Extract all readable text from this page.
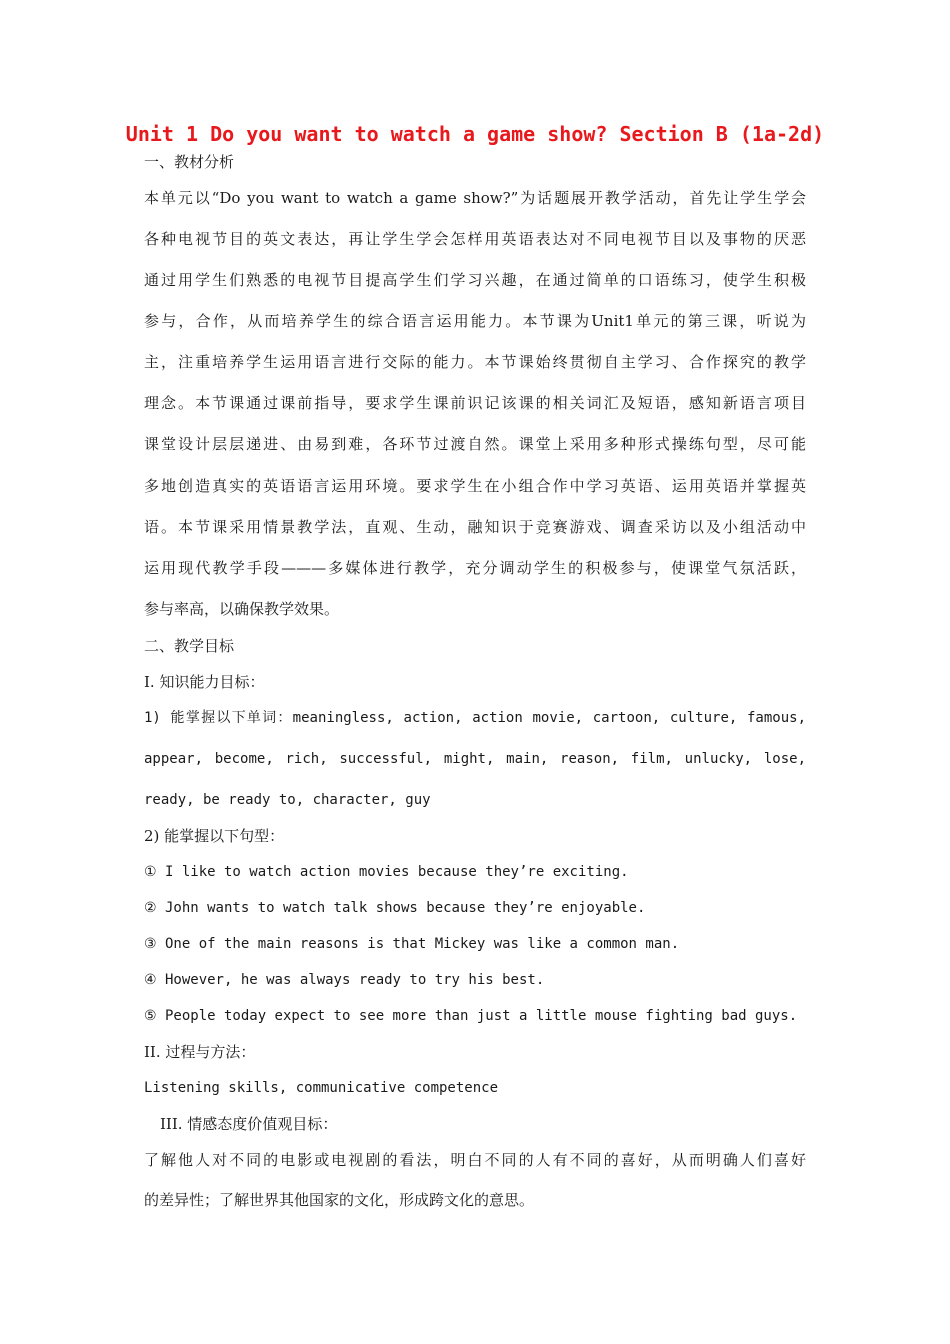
Unit 1 Do you want to watch a game show? Section B (1a-2d)
一、教材分析
本单元以“Do you want to watch a game show?”为话题展开教学活动，首先让学生学会
各种电视节目的英文表达，再让学生学会怎样用英语表达对不同电视节目以及事物的厌恶
通过用学生们熟悉的电视节目提高学生们学习兴趣，在通过简单的口语练习，使学生积极
参与，合作，从而培养学生的综合语言运用能力。本节课为Unit1单元的第三课，听说为
主，注重培养学生运用语言进行交际的能力。本节课始终贯彻自主学习、合作探究的教学
理念。本节课通过课前指导，要求学生课前识记该课的相关词汇及短语，感知新语言项目
课堂设计层层递进、由易到难，各环节过渡自然。课堂上采用多种形式操练句型，尽可能
多地创造真实的英语语言运用环境。要求学生在小组合作中学习英语、运用英语并掌握英
语。本节课采用情景教学法，直观、生动，融知识于竞赛游戏、调查采访以及小组活动中
运用现代教学手段———多媒体进行教学，充分调动学生的积极参与，使课堂气氛活跃，
参与率高，以确保教学效果。
二、教学目标
I. 知识能力目标：
1) 能掌握以下单词：meaningless, action, action movie, cartoon, culture, famous,
appear, become, rich, successful, might, main, reason, film, unlucky, lose,
ready, be ready to, character, guy
2) 能掌握以下句型：
① I like to watch action movies because they’re exciting.
② John wants to watch talk shows because they’re enjoyable.
③ One of the main reasons is that Mickey was like a common man.
④ However, he was always ready to try his best.
⑤ People today expect to see more than just a little mouse fighting bad guys.
II. 过程与方法：
Listening skills, communicative competence
III. 情感态度价值观目标：
了解他人对不同的电影或电视剧的看法，明白不同的人有不同的喜好，从而明确人们喜好
的差异性；了解世界其他国家的文化，形成跨文化的意思。
